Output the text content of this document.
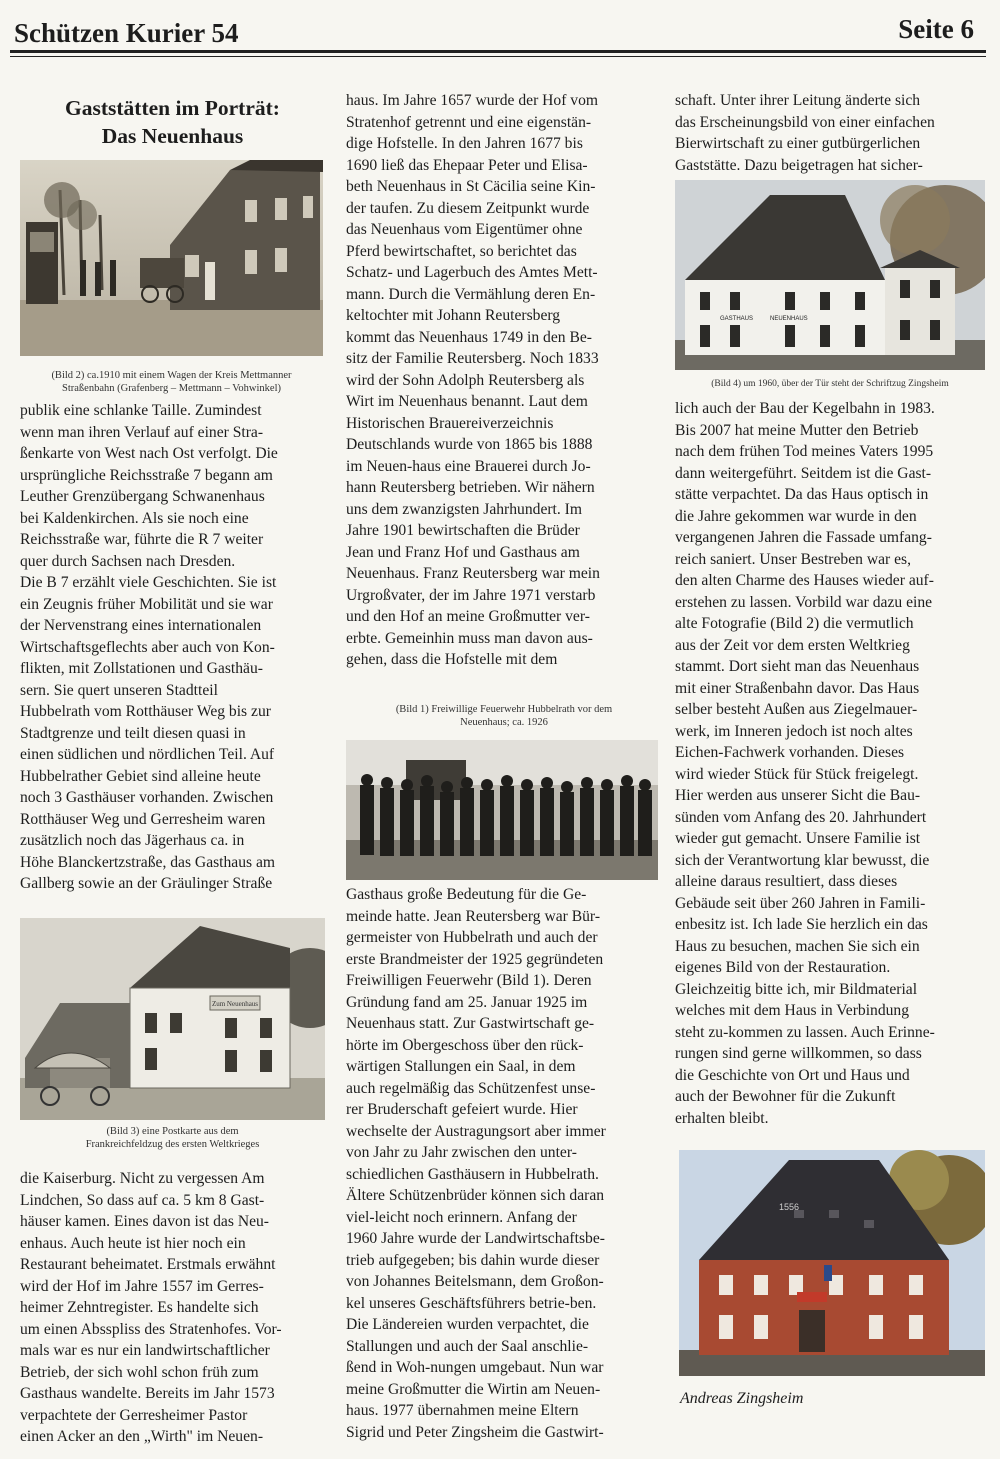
Schützen Kurier 54	Seite 6
Gaststätten im Porträt:
Das Neuenhaus
(Bild 2) ca.1910 mit einem Wagen der Kreis Mettmanner
Straßenbahn (Grafenberg – Mettmann – Vohwinkel)

publik eine schlanke Taille. Zumindest

wenn man ihren Verlauf auf einer Stra-

ßenkarte von West nach Ost verfolgt. Die

ursprüngliche Reichsstraße 7 begann am

Leuther Grenzübergang Schwanenhaus

bei Kaldenkirchen. Als sie noch eine

Reichsstraße war, führte die R 7 weiter

quer durch Sachsen nach Dresden.

Die B 7 erzählt viele Geschichten. Sie ist

ein Zeugnis früher Mobilität und sie war

der Nervenstrang eines internationalen

Wirtschaftsgeflechts aber auch von Kon-

flikten, mit Zollstationen und Gasthäu-

sern. Sie quert unseren Stadtteil

Hubbelrath vom Rotthäuser Weg bis zur

Stadtgrenze und teilt diesen quasi in

einen südlichen und nördlichen Teil. Auf

Hubbelrather Gebiet sind alleine heute

noch 3 Gasthäuser vorhanden. Zwischen

Rotthäuser Weg und Gerresheim waren

zusätzlich noch das Jägerhaus ca. in

Höhe Blanckertzstraße, das Gasthaus am

Gallberg sowie an der Gräulinger Straße

Zum Neuenhaus
(Bild 3) eine Postkarte aus dem
Frankreichfeldzug des ersten Weltkrieges

die Kaiserburg. Nicht zu vergessen Am

Lindchen, So dass auf ca. 5 km 8 Gast-

häuser kamen. Eines davon ist das Neu-

enhaus. Auch heute ist hier noch ein

Restaurant beheimatet. Erstmals erwähnt

wird der Hof im Jahre 1557 im Gerres-

heimer Zehntregister. Es handelte sich

um einen Absspliss des Stratenhofes. Vor-

mals war es nur ein landwirtschaftlicher

Betrieb, der sich wohl schon früh zum

Gasthaus wandelte. Bereits im Jahr 1573

verpachtete der Gerresheimer Pastor

einen Acker an den „Wirth" im Neuen-

haus. Im Jahre 1657 wurde der Hof vom

Stratenhof getrennt und eine eigenstän-

dige Hofstelle. In den Jahren 1677 bis

1690 ließ das Ehepaar Peter und Elisa-

beth Neuenhaus in St Cäcilia seine Kin-

der taufen. Zu diesem Zeitpunkt wurde

das Neuenhaus vom Eigentümer ohne

Pferd bewirtschaftet, so berichtet das

Schatz- und Lagerbuch des Amtes Mett-

mann. Durch die Vermählung deren En-

keltochter mit Johann Reutersberg

kommt das Neuenhaus 1749 in den Be-

sitz der Familie Reutersberg. Noch 1833

wird der Sohn Adolph Reutersberg als

Wirt im Neuenhaus benannt. Laut dem

Historischen Brauereiverzeichnis

Deutschlands wurde von 1865 bis 1888

im Neuen-haus eine Brauerei durch Jo-

hann Reutersberg betrieben. Wir nähern

uns dem zwanzigsten Jahrhundert. Im

Jahre 1901 bewirtschaften die Brüder

Jean und Franz Hof und Gasthaus am

Neuenhaus. Franz Reutersberg war mein

Urgroßvater, der im Jahre 1971 verstarb

und den Hof an meine Großmutter ver-

erbte. Gemeinhin muss man davon aus-

gehen, dass die Hofstelle mit dem

(Bild 1) Freiwillige Feuerwehr Hubbelrath vor dem
Neuenhaus; ca. 1926

Gasthaus große Bedeutung für die Ge-

meinde hatte. Jean Reutersberg war Bür-

germeister von Hubbelrath und auch der

erste Brandmeister der 1925 gegründeten

Freiwilligen Feuerwehr (Bild 1). Deren

Gründung fand am 25. Januar 1925 im

Neuenhaus statt. Zur Gastwirtschaft ge-

hörte im Obergeschoss über den rück-

wärtigen Stallungen ein Saal, in dem

auch regelmäßig das Schützenfest unse-

rer Bruderschaft gefeiert wurde. Hier

wechselte der Austragungsort aber immer

von Jahr zu Jahr zwischen den unter-

schiedlichen Gasthäusern in Hubbelrath.

Ältere Schützenbrüder können sich daran

viel-leicht noch erinnern. Anfang der

1960 Jahre wurde der Landwirtschaftsbe-

trieb aufgegeben; bis dahin wurde dieser

von Johannes Beitelsmann, dem Großon-

kel unseres Geschäftsführers betrie-ben.

Die Ländereien wurden verpachtet, die

Stallungen und auch der Saal anschlie-

ßend in Woh-nungen umgebaut. Nun war

meine Großmutter die Wirtin am Neuen-

haus. 1977 übernahmen meine Eltern

Sigrid und Peter Zingsheim die Gastwirt-

schaft. Unter ihrer Leitung änderte sich

das Erscheinungsbild von einer einfachen

Bierwirtschaft zu einer gutbürgerlichen

Gaststätte. Dazu beigetragen hat sicher-

GASTHAUS	NEUENHAUS
(Bild 4) um 1960, über der Tür steht der Schriftzug Zingsheim

lich auch der Bau der Kegelbahn in 1983.

Bis 2007 hat meine Mutter den Betrieb

nach dem frühen Tod meines Vaters 1995

dann weitergeführt. Seitdem ist die Gast-

stätte verpachtet. Da das Haus optisch in

die Jahre gekommen war wurde in den

vergangenen Jahren die Fassade umfang-

reich saniert. Unser Bestreben war es,

den alten Charme des Hauses wieder auf-

erstehen zu lassen. Vorbild war dazu eine

alte Fotografie (Bild 2) die vermutlich

aus der Zeit vor dem ersten Weltkrieg

stammt. Dort sieht man das Neuenhaus

mit einer Straßenbahn davor. Das Haus

selber besteht Außen aus Ziegelmauer-

werk, im Inneren jedoch ist noch altes

Eichen-Fachwerk vorhanden. Dieses

wird wieder Stück für Stück freigelegt.

Hier werden aus unserer Sicht die Bau-

sünden vom Anfang des 20. Jahrhundert

wieder gut gemacht. Unsere Familie ist

sich der Verantwortung klar bewusst, die

alleine daraus resultiert, dass dieses

Gebäude seit über 260 Jahren in Famili-

enbesitz ist. Ich lade Sie herzlich ein das

Haus zu besuchen, machen Sie sich ein

eigenes Bild von der Restauration.

Gleichzeitig bitte ich, mir Bildmaterial

welches mit dem Haus in Verbindung

steht zu-kommen zu lassen. Auch Erinne-

rungen sind gerne willkommen, so dass

die Geschichte von Ort und Haus und

auch der Bewohner für die Zukunft

erhalten bleibt.

1556
Andreas Zingsheim
